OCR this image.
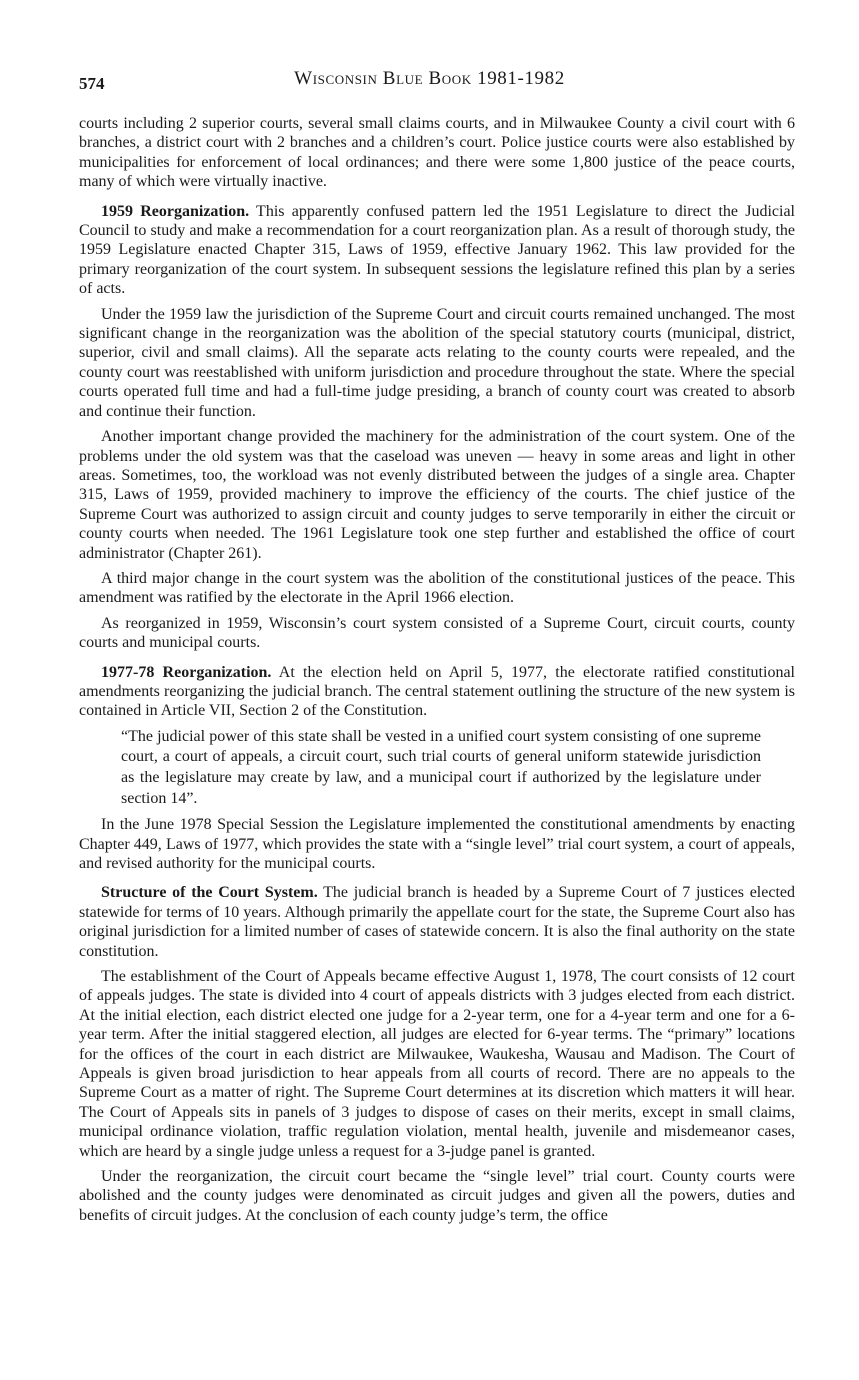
574	Wisconsin Blue Book 1981-1982

courts including 2 superior courts, several small claims courts, and in Milwaukee County a civil court with 6 branches, a district court with 2 branches and a children’s court. Police justice courts were also established by municipalities for enforcement of local ordinances; and there were some 1,800 justice of the peace courts, many of which were virtually inactive.

1959 Reorganization. This apparently confused pattern led the 1951 Legislature to direct the Judicial Council to study and make a recommendation for a court reorganization plan. As a result of thorough study, the 1959 Legislature enacted Chapter 315, Laws of 1959, effective January 1962. This law provided for the primary reorganization of the court system. In subsequent sessions the legislature refined this plan by a series of acts.

Under the 1959 law the jurisdiction of the Supreme Court and circuit courts remained unchanged. The most significant change in the reorganization was the abolition of the special statutory courts (municipal, district, superior, civil and small claims). All the separate acts relating to the county courts were repealed, and the county court was reestablished with uniform jurisdiction and procedure throughout the state. Where the special courts operated full time and had a full-time judge presiding, a branch of county court was created to absorb and continue their function.

Another important change provided the machinery for the administration of the court system. One of the problems under the old system was that the caseload was uneven — heavy in some areas and light in other areas. Sometimes, too, the workload was not evenly distributed between the judges of a single area. Chapter 315, Laws of 1959, provided machinery to improve the efficiency of the courts. The chief justice of the Supreme Court was authorized to assign circuit and county judges to serve temporarily in either the circuit or county courts when needed. The 1961 Legislature took one step further and established the office of court administrator (Chapter 261).

A third major change in the court system was the abolition of the constitutional justices of the peace. This amendment was ratified by the electorate in the April 1966 election.

As reorganized in 1959, Wisconsin’s court system consisted of a Supreme Court, circuit courts, county courts and municipal courts.

1977-78 Reorganization. At the election held on April 5, 1977, the electorate ratified constitutional amendments reorganizing the judicial branch. The central statement outlining the structure of the new system is contained in Article VII, Section 2 of the Constitution.

“The judicial power of this state shall be vested in a unified court system consisting of one supreme court, a court of appeals, a circuit court, such trial courts of general uniform statewide jurisdiction as the legislature may create by law, and a municipal court if authorized by the legislature under section 14”.

In the June 1978 Special Session the Legislature implemented the constitutional amendments by enacting Chapter 449, Laws of 1977, which provides the state with a “single level” trial court system, a court of appeals, and revised authority for the municipal courts.

Structure of the Court System. The judicial branch is headed by a Supreme Court of 7 justices elected statewide for terms of 10 years. Although primarily the appellate court for the state, the Supreme Court also has original jurisdiction for a limited number of cases of statewide concern. It is also the final authority on the state constitution.

The establishment of the Court of Appeals became effective August 1, 1978, The court consists of 12 court of appeals judges. The state is divided into 4 court of appeals districts with 3 judges elected from each district. At the initial election, each district elected one judge for a 2-year term, one for a 4-year term and one for a 6-year term. After the initial staggered election, all judges are elected for 6-year terms. The “primary” locations for the offices of the court in each district are Milwaukee, Waukesha, Wausau and Madison. The Court of Appeals is given broad jurisdiction to hear appeals from all courts of record. There are no appeals to the Supreme Court as a matter of right. The Supreme Court determines at its discretion which matters it will hear. The Court of Appeals sits in panels of 3 judges to dispose of cases on their merits, except in small claims, municipal ordinance violation, traffic regulation violation, mental health, juvenile and misdemeanor cases, which are heard by a single judge unless a request for a 3-judge panel is granted.

Under the reorganization, the circuit court became the “single level” trial court. County courts were abolished and the county judges were denominated as circuit judges and given all the powers, duties and benefits of circuit judges. At the conclusion of each county judge’s term, the office
